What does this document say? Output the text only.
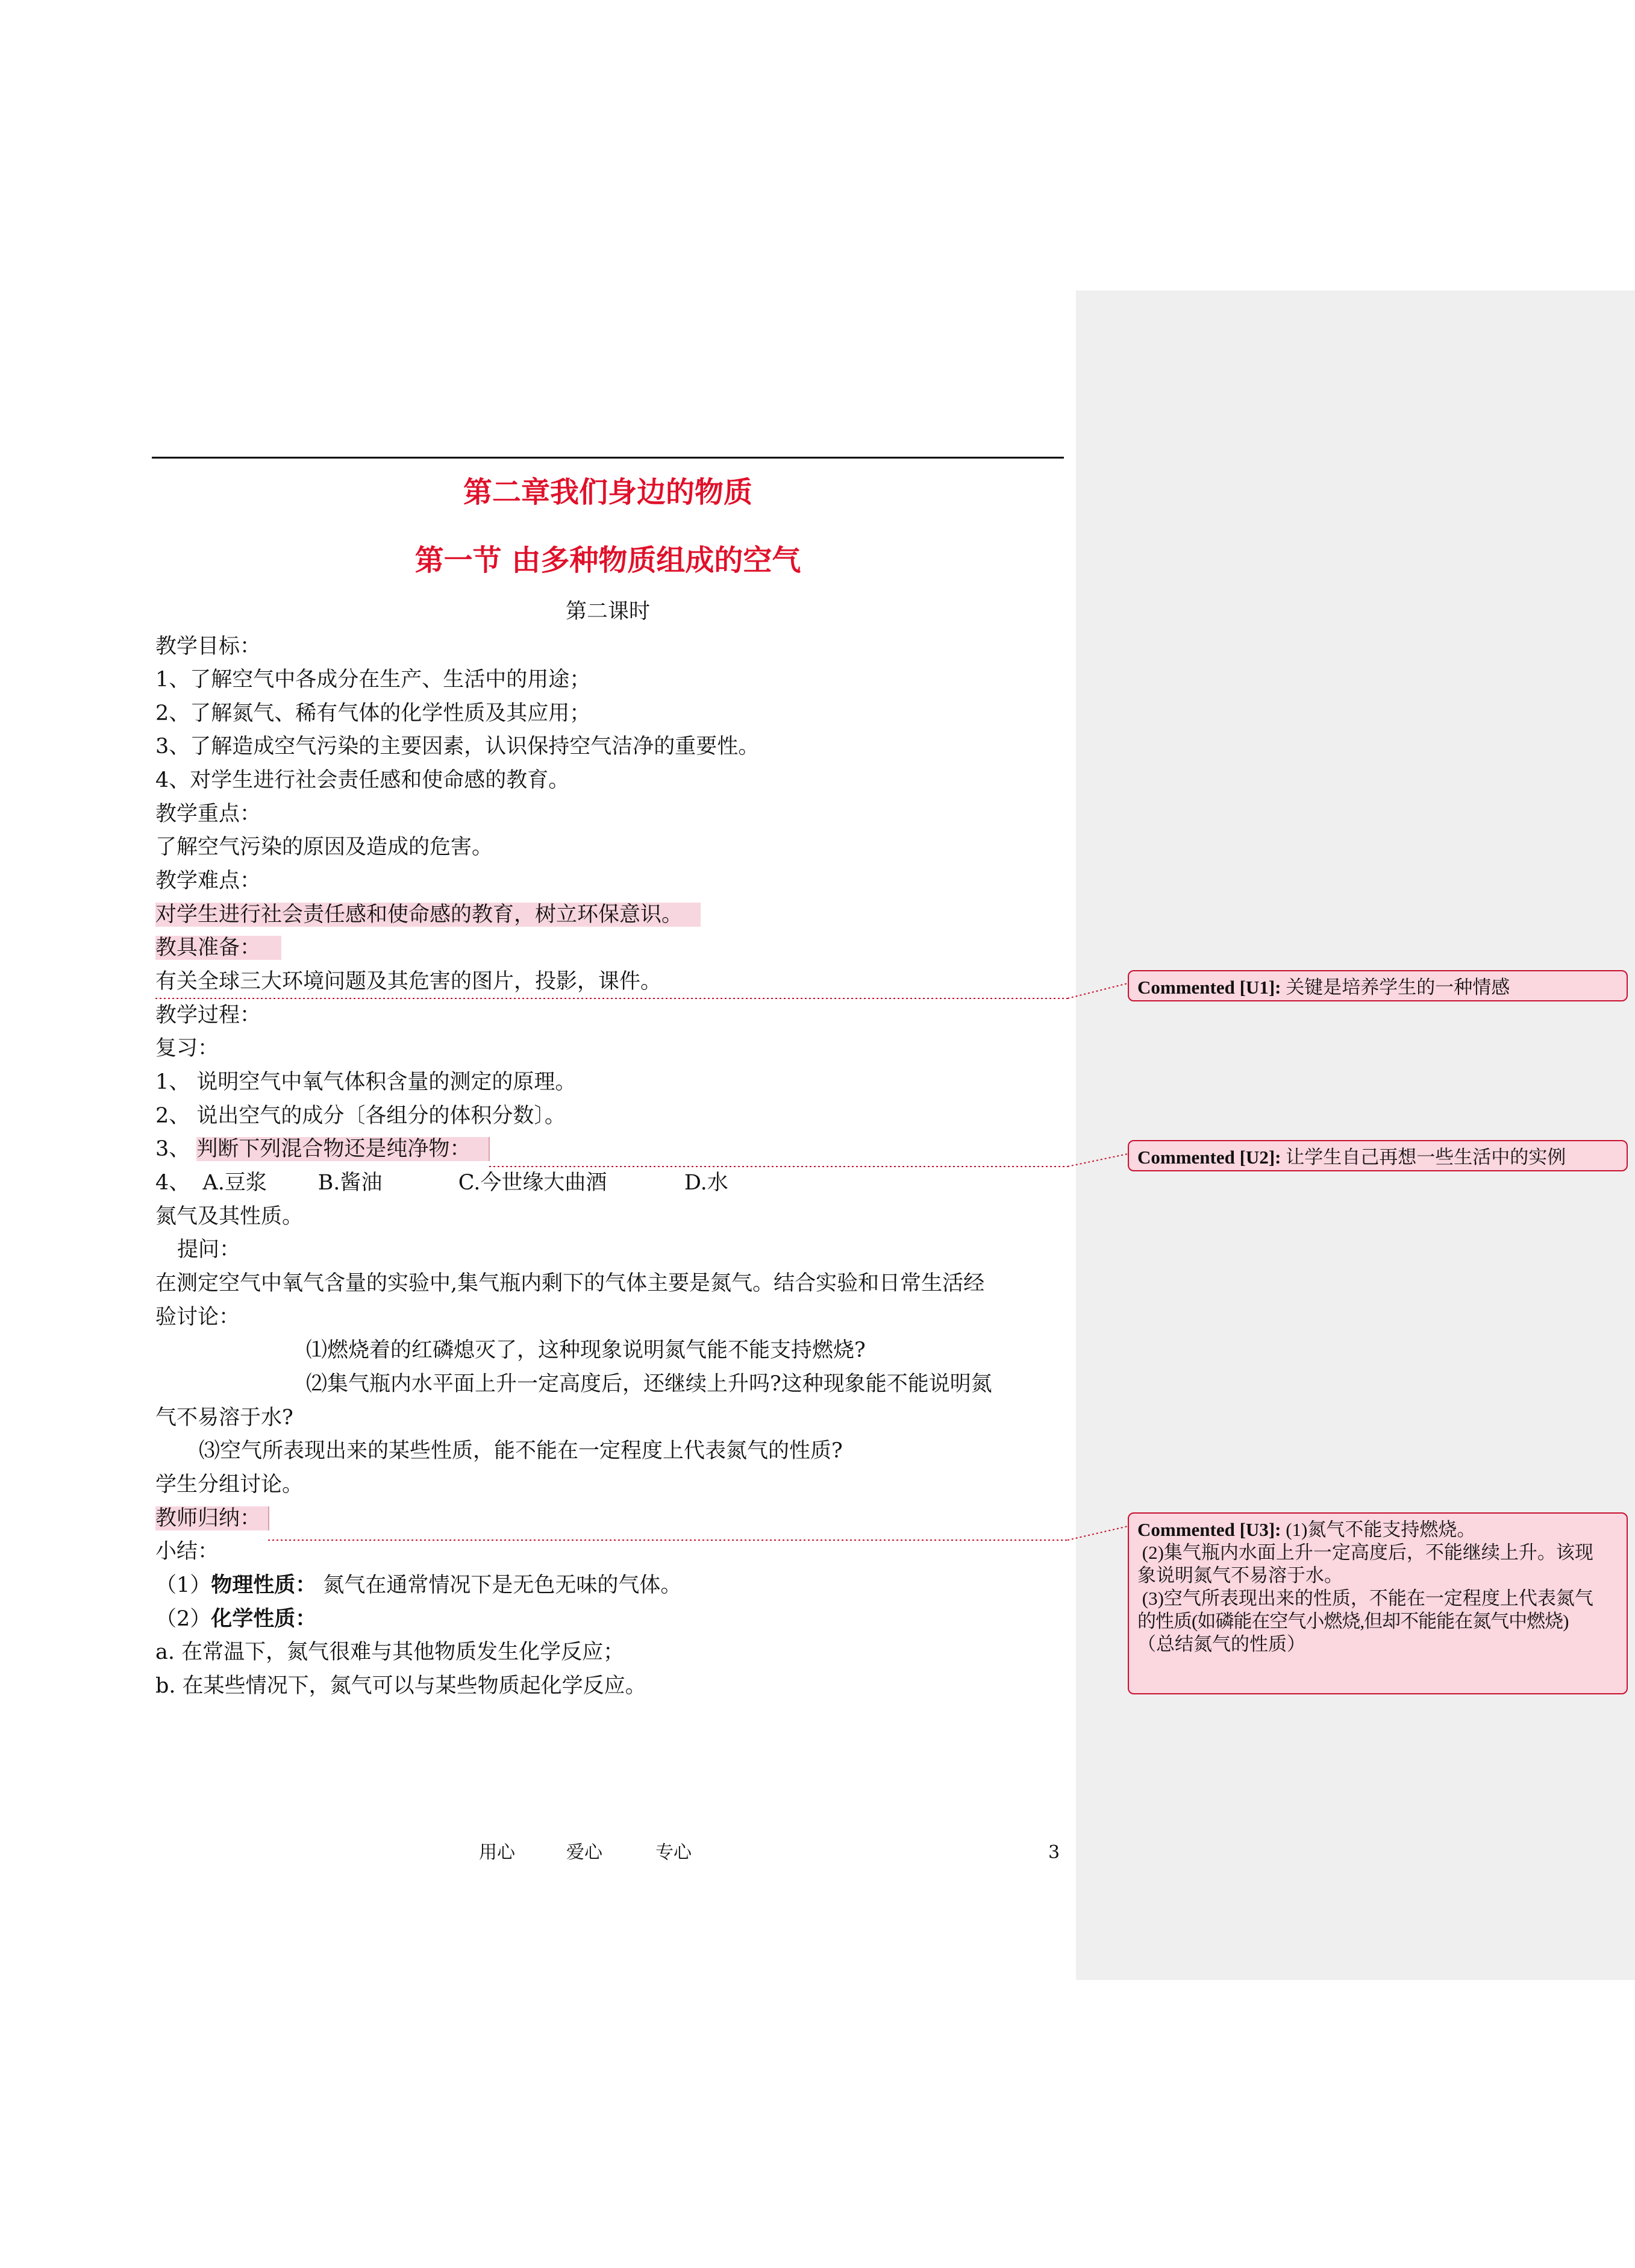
第二章我们身边的物质
第一节 由多种物质组成的空气
第二课时
教学目标：
1、了解空气中各成分在生产、生活中的用途；
2、了解氮气、稀有气体的化学性质及其应用；
3、了解造成空气污染的主要因素，认识保持空气洁净的重要性。
4、对学生进行社会责任感和使命感的教育。
教学重点：
了解空气污染的原因及造成的危害。
教学难点：
对学生进行社会责任感和使命感的教育，树立环保意识。
教具准备：
有关全球三大环境问题及其危害的图片，投影，课件。
教学过程：
复习：
1、 说明空气中氧气体积含量的测定的原理。
2、 说出空气的成分〔各组分的体积分数〕。
3、 判断下列混合物还是纯净物：
4、 A.豆浆 B.酱油	C.今世缘大曲酒	D.水
氮气及其性质。
提问：
在测定空气中氧气含量的实验中,集气瓶内剩下的气体主要是氮气。结合实验和日常生活经
验讨论：
⑴燃烧着的红磷熄灭了，这种现象说明氮气能不能支持燃烧?
⑵集气瓶内水平面上升一定高度后，还继续上升吗?这种现象能不能说明氮
气不易溶于水?
⑶空气所表现出来的某些性质，能不能在一定程度上代表氮气的性质?
学生分组讨论。
教师归纳：
小结：
（1）物理性质： 氮气在通常情况下是无色无味的气体。
（2）化学性质：
a. 在常温下，氮气很难与其他物质发生化学反应；
b. 在某些情况下，氮气可以与某些物质起化学反应。
用心	爱心	专心	3
Commented [U1]: 关键是培养学生的一种情感
Commented [U2]: 让学生自己再想一些生活中的实例
Commented [U3]: (1)氮气不能支持燃烧。
(2)集气瓶内水面上升一定高度后，不能继续上升。该现
象说明氮气不易溶于水。
(3)空气所表现出来的性质，不能在一定程度上代表氮气
的性质(如磷能在空气小燃烧,但却不能能在氮气中燃烧)
（总结氮气的性质）
